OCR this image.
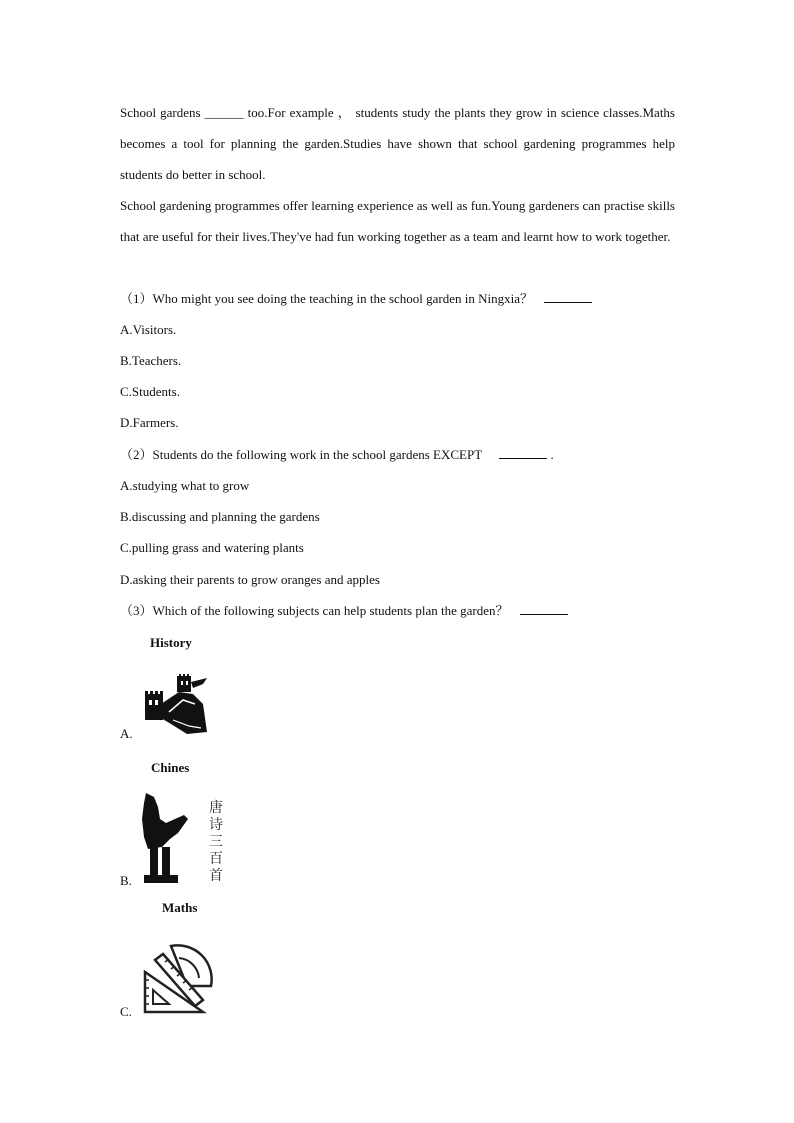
School gardens ______ too.For example ， students study the plants they grow in science classes.Maths becomes a tool for planning the garden.Studies have shown that school gardening programmes help students do better in school.
School gardening programmes offer learning experience as well as fun.Young gardeners can practise skills that are useful for their lives.They've had fun working together as a team and learnt how to work together.
（1）Who might you see doing the teaching in the school garden in Ningxia？
A.Visitors.
B.Teachers.
C.Students.
D.Farmers.
（2）Students do the following work in the school gardens EXCEPT	.
A.studying what to grow
B.discussing and planning the gardens
C.pulling grass and watering plants
D.asking their parents to grow oranges and apples
（3）Which of the following subjects can help students plan the garden？
History
A.
Chines
唐诗三百首
B.
Maths
C.
